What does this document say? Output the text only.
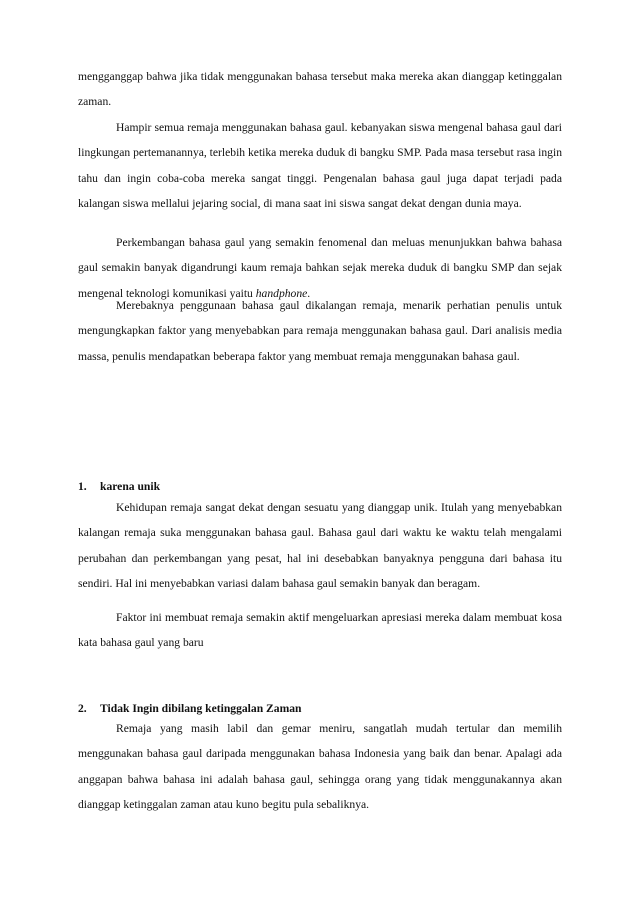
mengganggap bahwa jika tidak menggunakan bahasa tersebut maka mereka akan dianggap ketinggalan zaman.

Hampir semua remaja menggunakan bahasa gaul. kebanyakan siswa mengenal bahasa gaul dari lingkungan pertemanannya, terlebih ketika mereka duduk di bangku SMP. Pada masa tersebut rasa ingin tahu dan ingin coba-coba mereka sangat tinggi. Pengenalan bahasa gaul juga dapat terjadi pada kalangan siswa mellalui jejaring social, di mana saat ini siswa sangat dekat dengan dunia maya.

Perkembangan bahasa gaul yang semakin fenomenal dan meluas menunjukkan bahwa bahasa gaul semakin banyak digandrungi kaum remaja bahkan sejak mereka duduk di bangku SMP dan sejak mengenal teknologi komunikasi yaitu handphone.

Merebaknya penggunaan bahasa gaul dikalangan remaja, menarik perhatian penulis untuk mengungkapkan faktor yang menyebabkan para remaja menggunakan bahasa gaul. Dari analisis media massa, penulis mendapatkan beberapa faktor yang membuat remaja menggunakan bahasa gaul.

1. karena unik

Kehidupan remaja sangat dekat dengan sesuatu yang dianggap unik. Itulah yang menyebabkan kalangan remaja suka menggunakan bahasa gaul. Bahasa gaul dari waktu ke waktu telah mengalami perubahan dan perkembangan yang pesat, hal ini desebabkan banyaknya pengguna dari bahasa itu sendiri. Hal ini menyebabkan variasi dalam bahasa gaul semakin banyak dan beragam.

Faktor ini membuat remaja semakin aktif mengeluarkan apresiasi mereka dalam membuat kosa kata bahasa gaul yang baru

2. Tidak Ingin dibilang ketinggalan Zaman

Remaja yang masih labil dan gemar meniru, sangatlah mudah tertular dan memilih menggunakan bahasa gaul daripada menggunakan bahasa Indonesia yang baik dan benar. Apalagi ada anggapan bahwa bahasa ini adalah bahasa gaul, sehingga orang yang tidak menggunakannya akan dianggap ketinggalan zaman atau kuno begitu pula sebaliknya.
